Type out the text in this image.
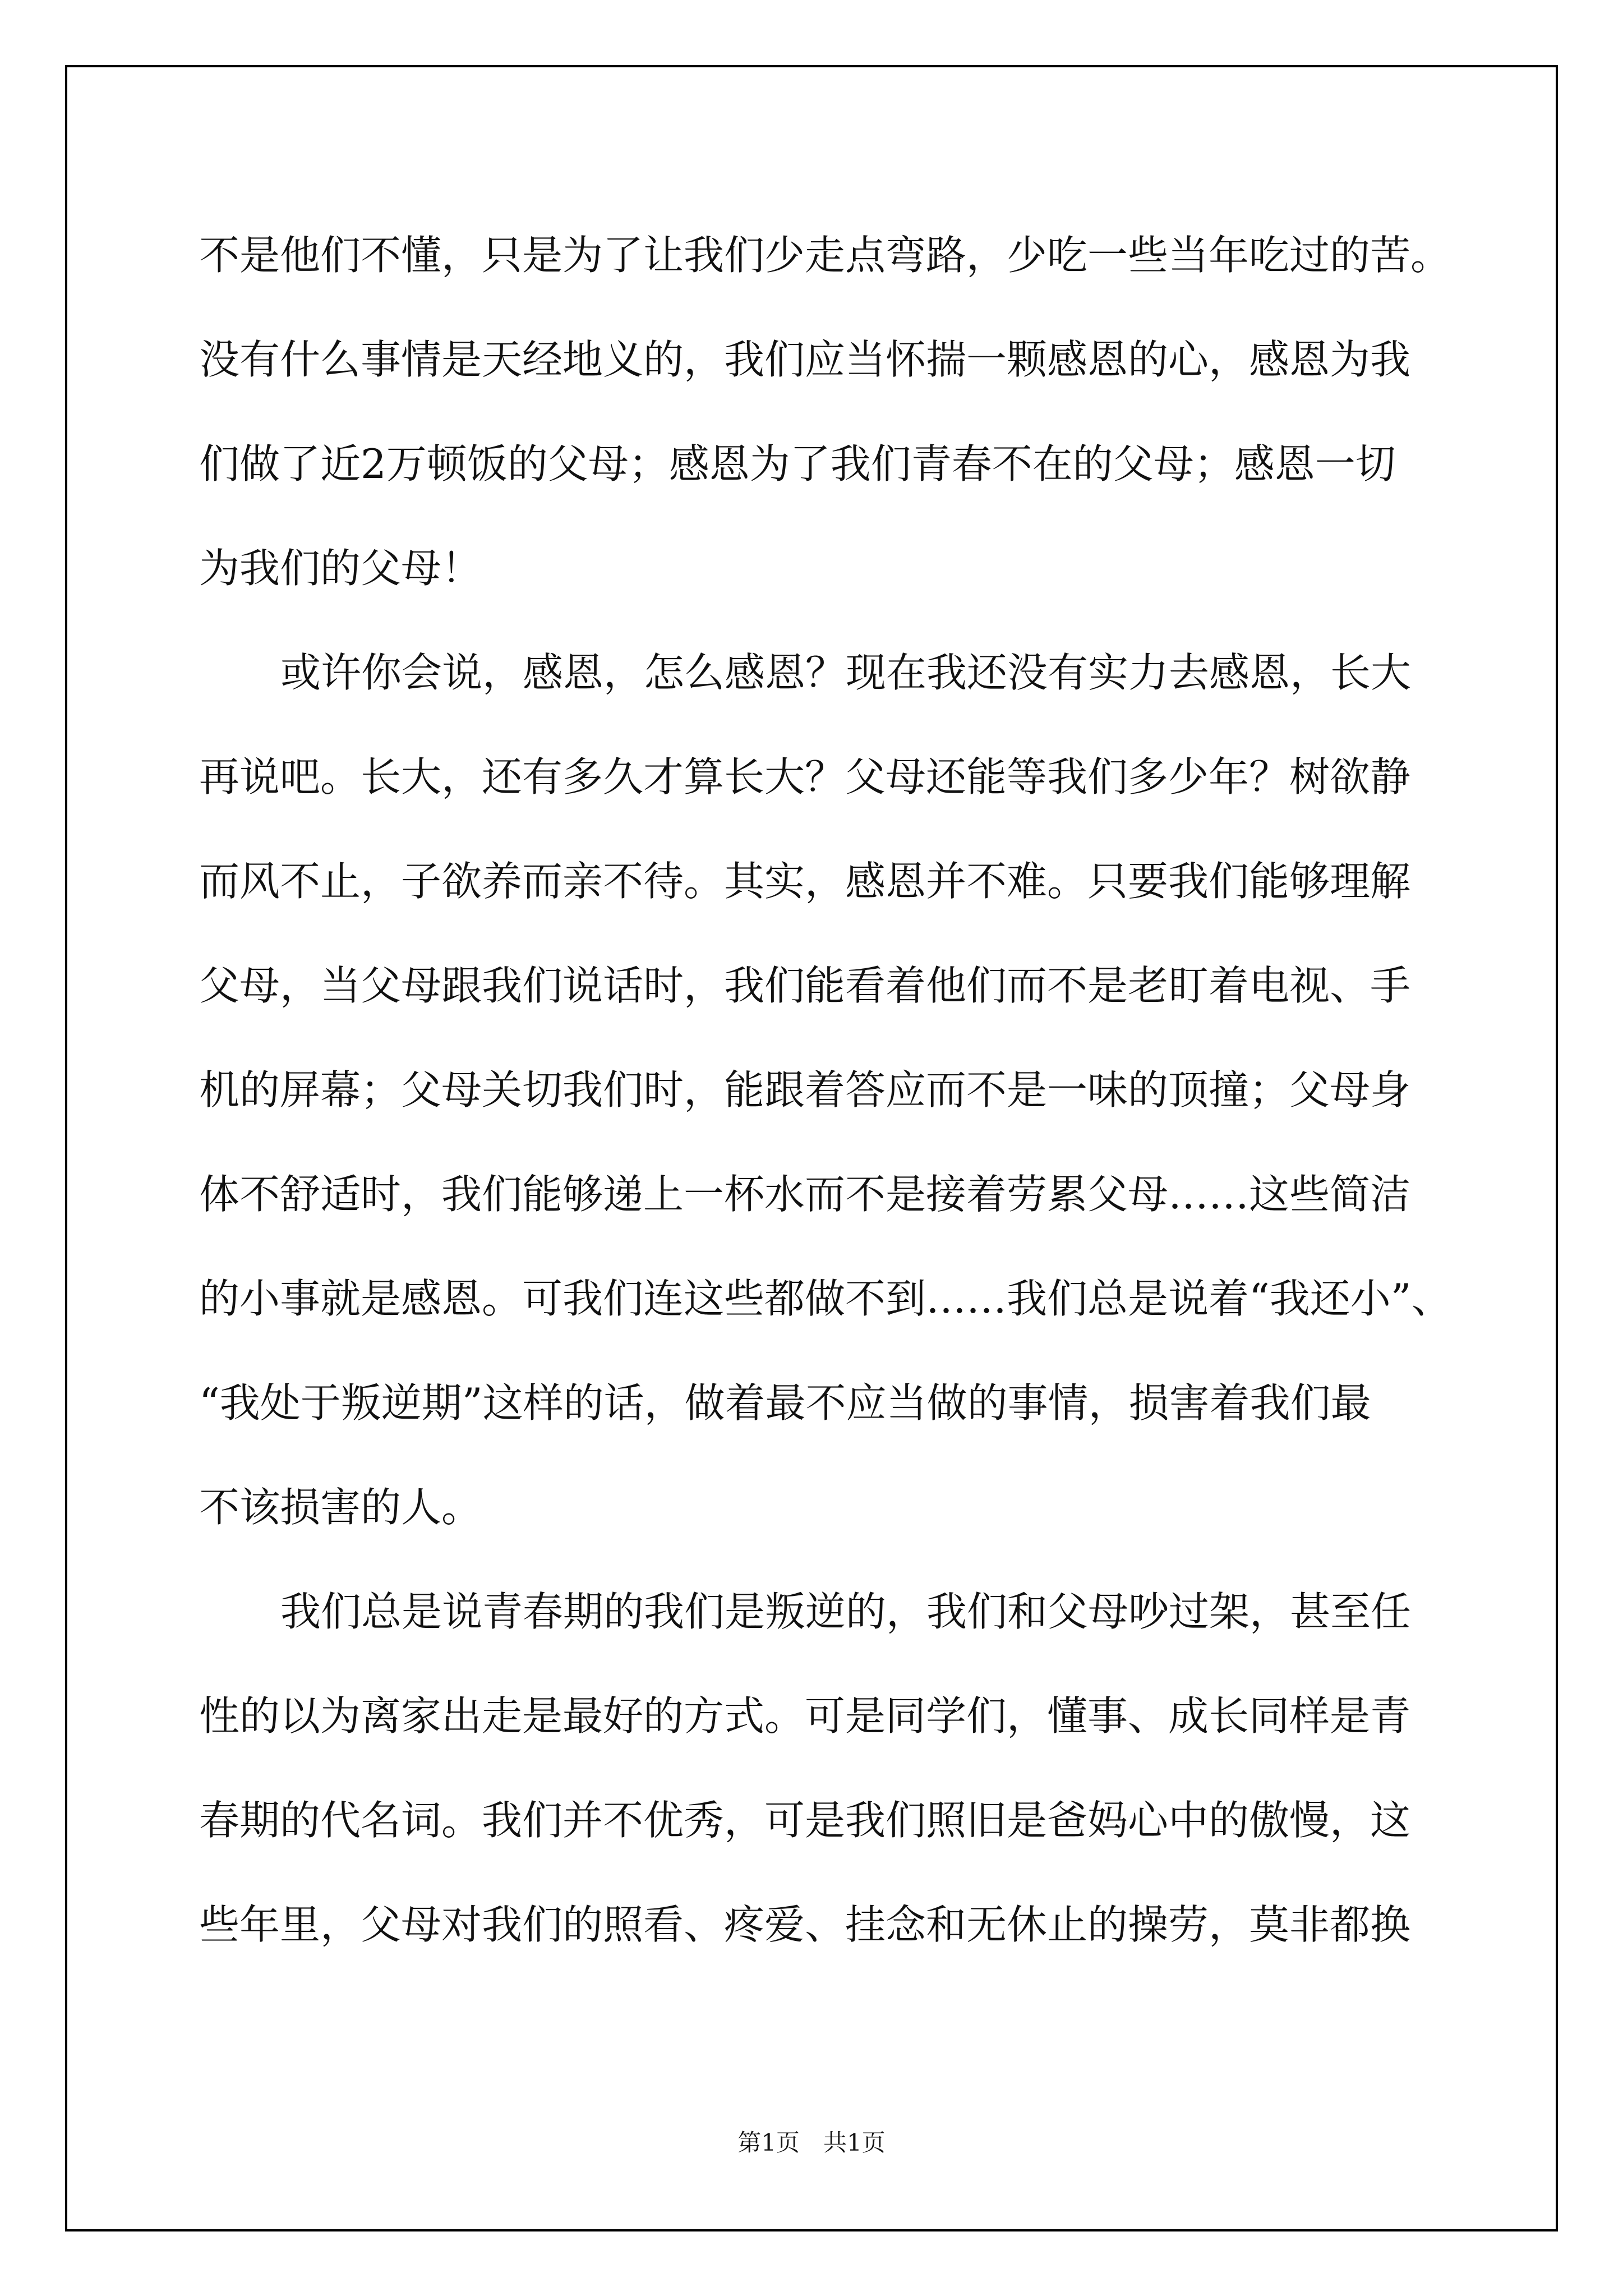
不是他们不懂，只是为了让我们少走点弯路，少吃一些当年吃过的苦。
没有什么事情是天经地义的，我们应当怀揣一颗感恩的心，感恩为我
们做了近2万顿饭的父母；感恩为了我们青春不在的父母；感恩一切
为我们的父母！
或许你会说，感恩，怎么感恩？现在我还没有实力去感恩，长大
再说吧。长大，还有多久才算长大？父母还能等我们多少年？树欲静
而风不止，子欲养而亲不待。其实，感恩并不难。只要我们能够理解
父母，当父母跟我们说话时，我们能看着他们而不是老盯着电视、手
机的屏幕；父母关切我们时，能跟着答应而不是一味的顶撞；父母身
体不舒适时，我们能够递上一杯水而不是接着劳累父母……这些简洁
的小事就是感恩。可我们连这些都做不到……我们总是说着“我还小”、
“我处于叛逆期”这样的话，做着最不应当做的事情，损害着我们最
不该损害的人。
我们总是说青春期的我们是叛逆的，我们和父母吵过架，甚至任
性的以为离家出走是最好的方式。可是同学们，懂事、成长同样是青
春期的代名词。我们并不优秀，可是我们照旧是爸妈心中的傲慢，这
些年里，父母对我们的照看、疼爱、挂念和无休止的操劳，莫非都换
第1页　共1页
